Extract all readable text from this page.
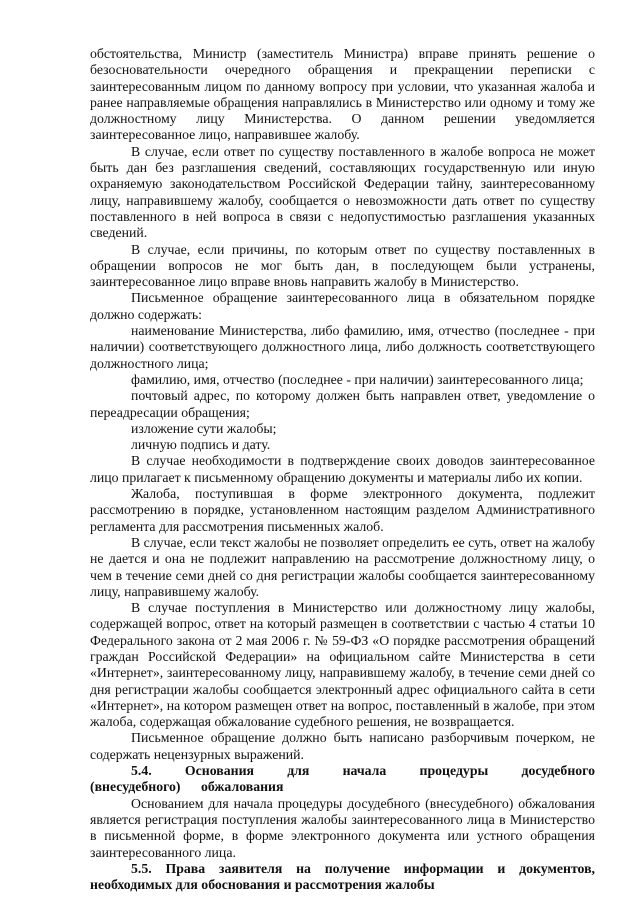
обстоятельства, Министр (заместитель Министра) вправе принять решение о безосновательности очередного обращения и прекращении переписки с заинтересованным лицом по данному вопросу при условии, что указанная жалоба и ранее направляемые обращения направлялись в Министерство или одному и тому же должностному лицу Министерства. О данном решении уведомляется заинтересованное лицо, направившее жалобу.

В случае, если ответ по существу поставленного в жалобе вопроса не может быть дан без разглашения сведений, составляющих государственную или иную охраняемую законодательством Российской Федерации тайну, заинтересованному лицу, направившему жалобу, сообщается о невозможности дать ответ по существу поставленного в ней вопроса в связи с недопустимостью разглашения указанных сведений.

В случае, если причины, по которым ответ по существу поставленных в обращении вопросов не мог быть дан, в последующем были устранены, заинтересованное лицо вправе вновь направить жалобу в Министерство.

Письменное обращение заинтересованного лица в обязательном порядке должно содержать:

наименование Министерства, либо фамилию, имя, отчество (последнее - при наличии) соответствующего должностного лица, либо должность соответствующего должностного лица;

фамилию, имя, отчество (последнее - при наличии) заинтересованного лица;

почтовый адрес, по которому должен быть направлен ответ, уведомление о переадресации обращения;

изложение сути жалобы;

личную подпись и дату.

В случае необходимости в подтверждение своих доводов заинтересованное лицо прилагает к письменному обращению документы и материалы либо их копии.

Жалоба, поступившая в форме электронного документа, подлежит рассмотрению в порядке, установленном настоящим разделом Административного регламента для рассмотрения письменных жалоб.

В случае, если текст жалобы не позволяет определить ее суть, ответ на жалобу не дается и она не подлежит направлению на рассмотрение должностному лицу, о чем в течение семи дней со дня регистрации жалобы сообщается заинтересованному лицу, направившему жалобу.

В случае поступления в Министерство или должностному лицу жалобы, содержащей вопрос, ответ на который размещен в соответствии с частью 4 статьи 10 Федерального закона от 2 мая 2006 г. № 59-ФЗ «О порядке рассмотрения обращений граждан Российской Федерации» на официальном сайте Министерства в сети «Интернет», заинтересованному лицу, направившему жалобу, в течение семи дней со дня регистрации жалобы сообщается электронный адрес официального сайта в сети «Интернет», на котором размещен ответ на вопрос, поставленный в жалобе, при этом жалоба, содержащая обжалование судебного решения, не возвращается.

Письменное обращение должно быть написано разборчивым почерком, не содержать нецензурных выражений.

5.4. Основания для начала процедуры досудебного (внесудебного) обжалования

Основанием для начала процедуры досудебного (внесудебного) обжалования является регистрация поступления жалобы заинтересованного лица в Министерство в письменной форме, в форме электронного документа или устного обращения заинтересованного лица.

5.5. Права заявителя на получение информации и документов, необходимых для обоснования и рассмотрения жалобы
